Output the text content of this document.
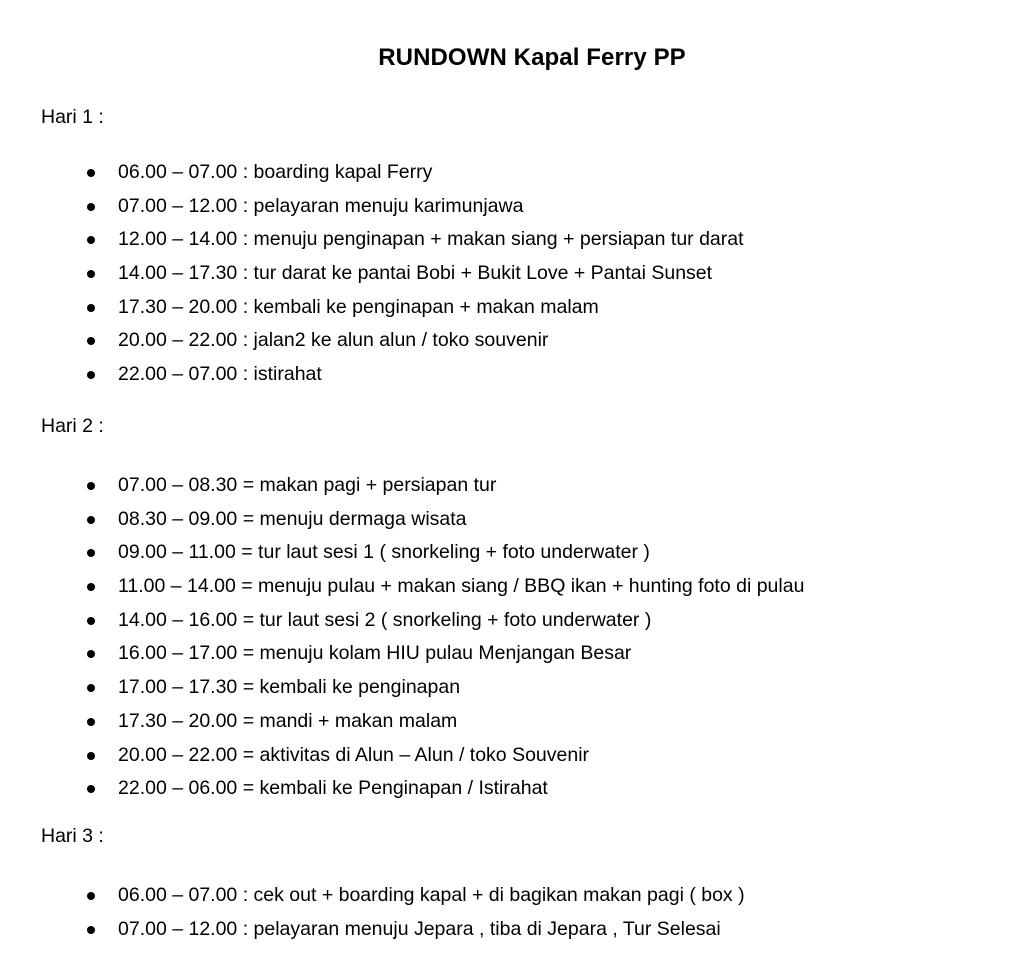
RUNDOWN Kapal Ferry PP
Hari 1 :
06.00 – 07.00 : boarding kapal Ferry
07.00 – 12.00 : pelayaran menuju karimunjawa
12.00 – 14.00 : menuju penginapan + makan siang + persiapan tur darat
14.00 – 17.30 : tur darat ke pantai Bobi + Bukit Love + Pantai Sunset
17.30 – 20.00 : kembali ke penginapan + makan malam
20.00 – 22.00 : jalan2 ke alun alun / toko souvenir
22.00 – 07.00 : istirahat
Hari 2 :
07.00 – 08.30 = makan pagi + persiapan tur
08.30 – 09.00 = menuju dermaga wisata
09.00 – 11.00 = tur laut sesi 1 ( snorkeling + foto underwater )
11.00 – 14.00 = menuju pulau + makan siang / BBQ ikan + hunting foto di pulau
14.00 – 16.00 = tur laut sesi 2 ( snorkeling + foto underwater )
16.00 – 17.00 = menuju kolam HIU pulau Menjangan Besar
17.00 – 17.30 = kembali ke penginapan
17.30 – 20.00 = mandi + makan malam
20.00 – 22.00 = aktivitas di Alun – Alun / toko Souvenir
22.00 – 06.00 = kembali ke Penginapan / Istirahat
Hari 3 :
06.00 – 07.00 : cek out + boarding kapal + di bagikan makan pagi ( box )
07.00 – 12.00 : pelayaran menuju Jepara , tiba di Jepara , Tur Selesai
